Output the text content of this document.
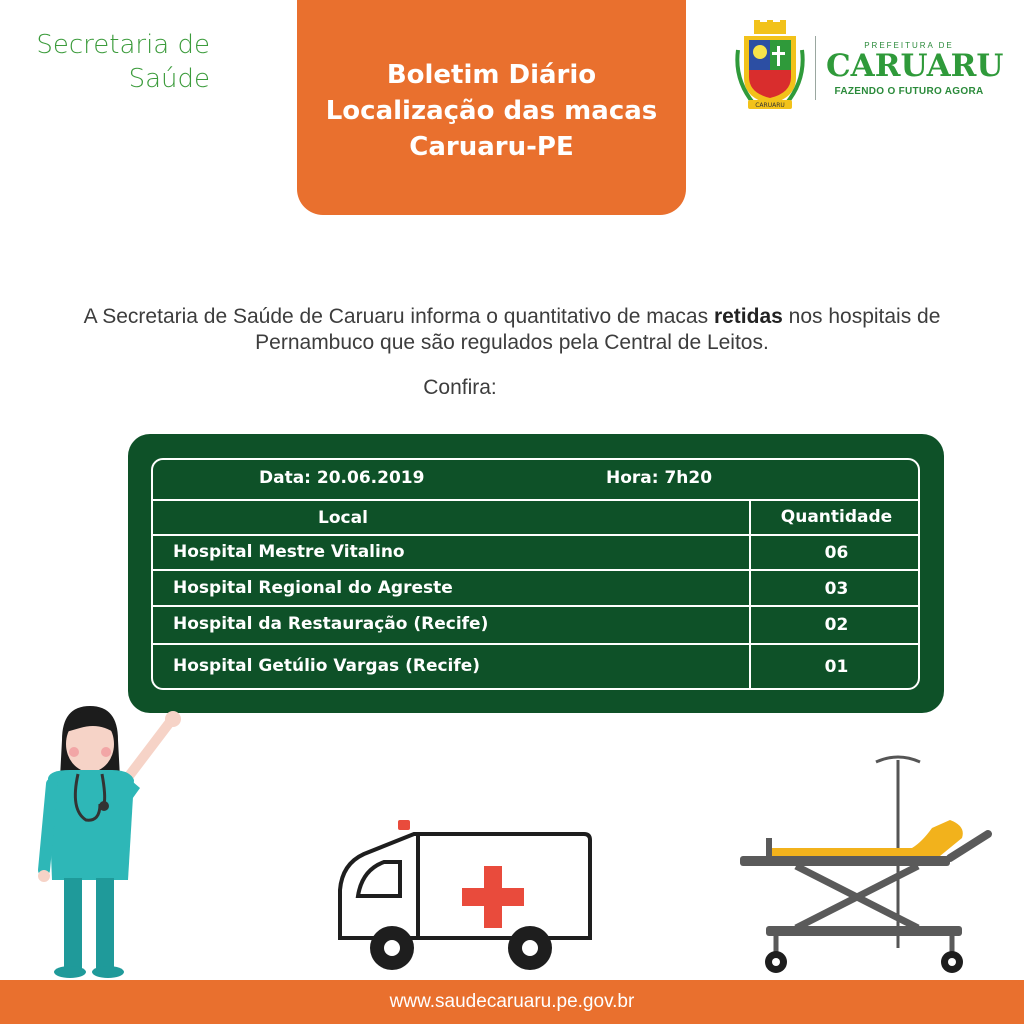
Secretaria de
Saúde	Boletim Diário
Localização das macas
Caruaru-PE
CARUARU
PREFEITURA DE
CARUARU
FAZENDO O FUTURO AGORA

A Secretaria de Saúde de Caruaru informa o quantitativo de macas retidas nos hospitais de Pernambuco que são regulados pela Central de Leitos.

Confira:
Data: 20.06.2019	Hora: 7h20
Local	Quantidade
Hospital Mestre Vitalino	06
Hospital Regional do Agreste	03
Hospital da Restauração (Recife)	02
Hospital Getúlio Vargas (Recife)	01
www.saudecaruaru.pe.gov.br
